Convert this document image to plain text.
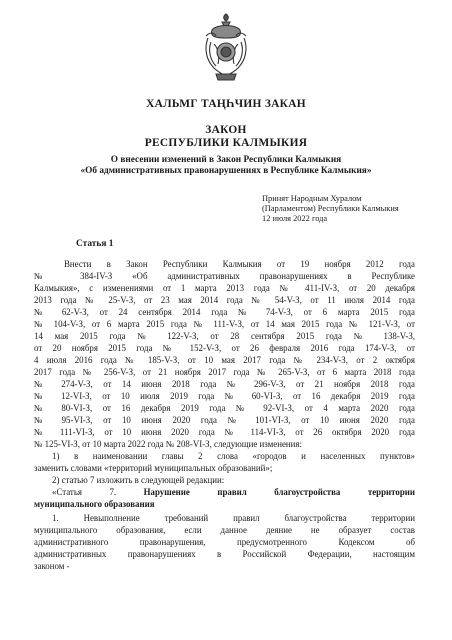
ХАЛЬМГ ТАҢҺЧИН ЗАКАН
ЗАКОН
РЕСПУБЛИКИ КАЛМЫКИЯ
О внесении изменений в Закон Республики Калмыкия
«Об административных правонарушениях в Республике Калмыкия»
Принят Народным Хуралом
(Парламентом) Республики Калмыкия
12 июля 2022 года
Статья 1
Внести в Закон Республики Калмыкия от 19 ноября 2012 года
№ 384-IV-З «Об административных правонарушениях в Республике
Калмыкия», с изменениями от 1 марта 2013 года № 411-IV-З, от 20 декабря
2013 года № 25-V-З, от 23 мая 2014 года № 54-V-З, от 11 июля 2014 года
№ 62-V-З, от 24 сентября 2014 года № 74-V-З, от 6 марта 2015 года
№ 104-V-З, от 6 марта 2015 года № 111-V-З, от 14 мая 2015 года № 121-V-З, от
14 мая 2015 года № 122-V-З, от 28 сентября 2015 года № 138-V-З,
от 20 ноября 2015 года № 152-V-З, от 26 февраля 2016 года 174-V-З, от
4 июля 2016 года № 185-V-З, от 10 мая 2017 года № 234-V-З, от 2 октября
2017 года № 256-V-З, от 21 ноября 2017 года № 265-V-З, от 6 марта 2018 года
№ 274-V-З, от 14 июня 2018 года № 296-V-З, от 21 ноября 2018 года
№ 12-VI-З, от 10 июля 2019 года № 60-VI-З, от 16 декабря 2019 года
№ 80-VI-З, от 16 декабря 2019 года № 92-VI-З, от 4 марта 2020 года
№ 95-VI-З, от 10 июня 2020 года № 101-VI-З, от 10 июня 2020 года
№ 111-VI-З, от 10 июня 2020 года № 114-VI-З, от 26 октября 2020 года
№ 125-VI-З, от 10 марта 2022 года № 208-VI-З, следующие изменения:
1) в наименовании главы 2 слова «городов и населенных пунктов»
заменить словами «территорий муниципальных образований»;
2) статью 7 изложить в следующей редакции:
«Статья 7.	Нарушение правил благоустройства территории
муниципального образования
1. Невыполнение требований правил благоустройства территории
муниципального образования, если данное деяние не образует состав
административного правонарушения, предусмотренного Кодексом об
административных правонарушениях в Российской Федерации, настоящим
законом -
